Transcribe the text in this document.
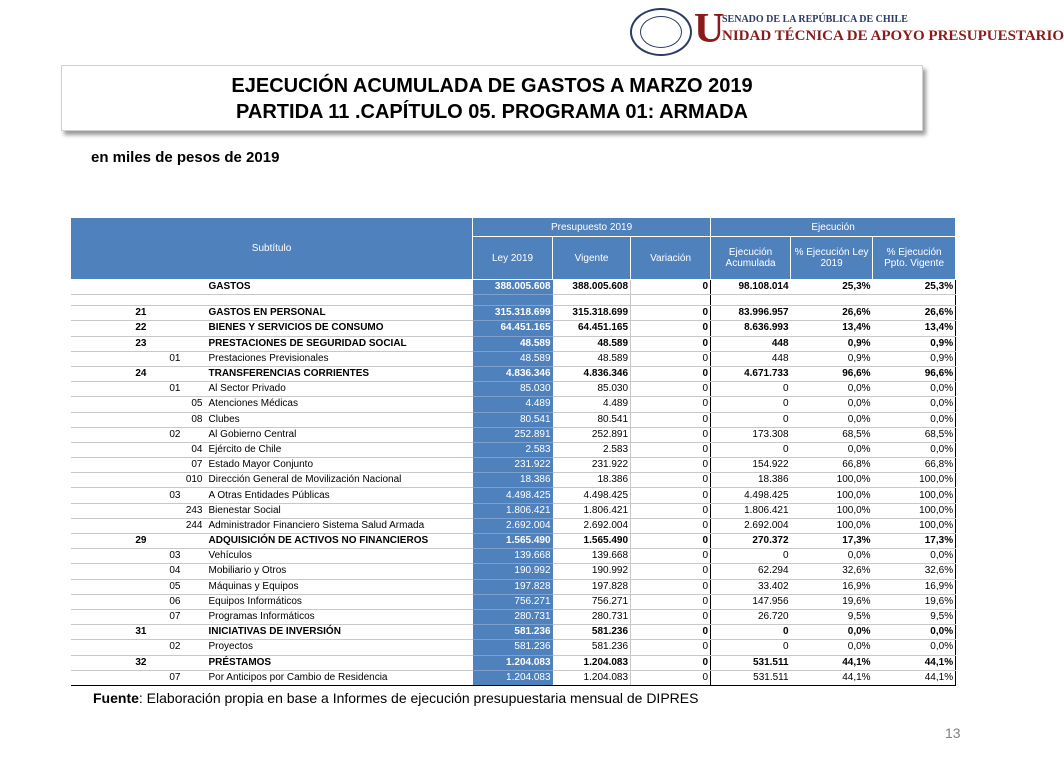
U
SENADO DE LA REPÚBLICA DE CHILE
NIDAD TÉCNICA DE APOYO PRESUPUESTARIO
EJECUCIÓN ACUMULADA DE GASTOS A MARZO 2019
PARTIDA 11 .CAPÍTULO 05. PROGRAMA 01: ARMADA
en miles de pesos de 2019
Subtítulo				Presupuesto 2019			Ejecución		
				Ley 2019	Vigente	Variación	Ejecución Acumulada	% Ejecución Ley 2019	% Ejecución Ppto. Vigente
			GASTOS	388.005.608	388.005.608	0	98.108.014	25,3%	25,3%

21			GASTOS EN PERSONAL	315.318.699	315.318.699	0	83.996.957	26,6%	26,6%
22			BIENES Y SERVICIOS DE CONSUMO	64.451.165	64.451.165	0	8.636.993	13,4%	13,4%
23			PRESTACIONES DE SEGURIDAD SOCIAL	48.589	48.589	0	448	0,9%	0,9%
	01		Prestaciones Previsionales	48.589	48.589	0	448	0,9%	0,9%
24			TRANSFERENCIAS CORRIENTES	4.836.346	4.836.346	0	4.671.733	96,6%	96,6%
	01		Al Sector Privado	85.030	85.030	0	0	0,0%	0,0%
		05	Atenciones Médicas	4.489	4.489	0	0	0,0%	0,0%
		08	Clubes	80.541	80.541	0	0	0,0%	0,0%
	02		Al Gobierno Central	252.891	252.891	0	173.308	68,5%	68,5%
		04	Ejército de Chile	2.583	2.583	0	0	0,0%	0,0%
		07	Estado Mayor Conjunto	231.922	231.922	0	154.922	66,8%	66,8%
		010	Dirección General de Movilización Nacional	18.386	18.386	0	18.386	100,0%	100,0%
	03		A Otras Entidades Públicas	4.498.425	4.498.425	0	4.498.425	100,0%	100,0%
		243	Bienestar Social	1.806.421	1.806.421	0	1.806.421	100,0%	100,0%
		244	Administrador Financiero Sistema Salud Armada	2.692.004	2.692.004	0	2.692.004	100,0%	100,0%
29			ADQUISICIÓN DE ACTIVOS NO FINANCIEROS	1.565.490	1.565.490	0	270.372	17,3%	17,3%
	03		Vehículos	139.668	139.668	0	0	0,0%	0,0%
	04		Mobiliario y Otros	190.992	190.992	0	62.294	32,6%	32,6%
	05		Máquinas y Equipos	197.828	197.828	0	33.402	16,9%	16,9%
	06		Equipos Informáticos	756.271	756.271	0	147.956	19,6%	19,6%
	07		Programas Informáticos	280.731	280.731	0	26.720	9,5%	9,5%
31			INICIATIVAS DE INVERSIÓN	581.236	581.236	0	0	0,0%	0,0%
	02		Proyectos	581.236	581.236	0	0	0,0%	0,0%
32			PRÉSTAMOS	1.204.083	1.204.083	0	531.511	44,1%	44,1%
	07		Por Anticipos por Cambio de Residencia	1.204.083	1.204.083	0	531.511	44,1%	44,1%
Fuente: Elaboración propia en base a Informes de ejecución presupuestaria mensual de DIPRES
13
